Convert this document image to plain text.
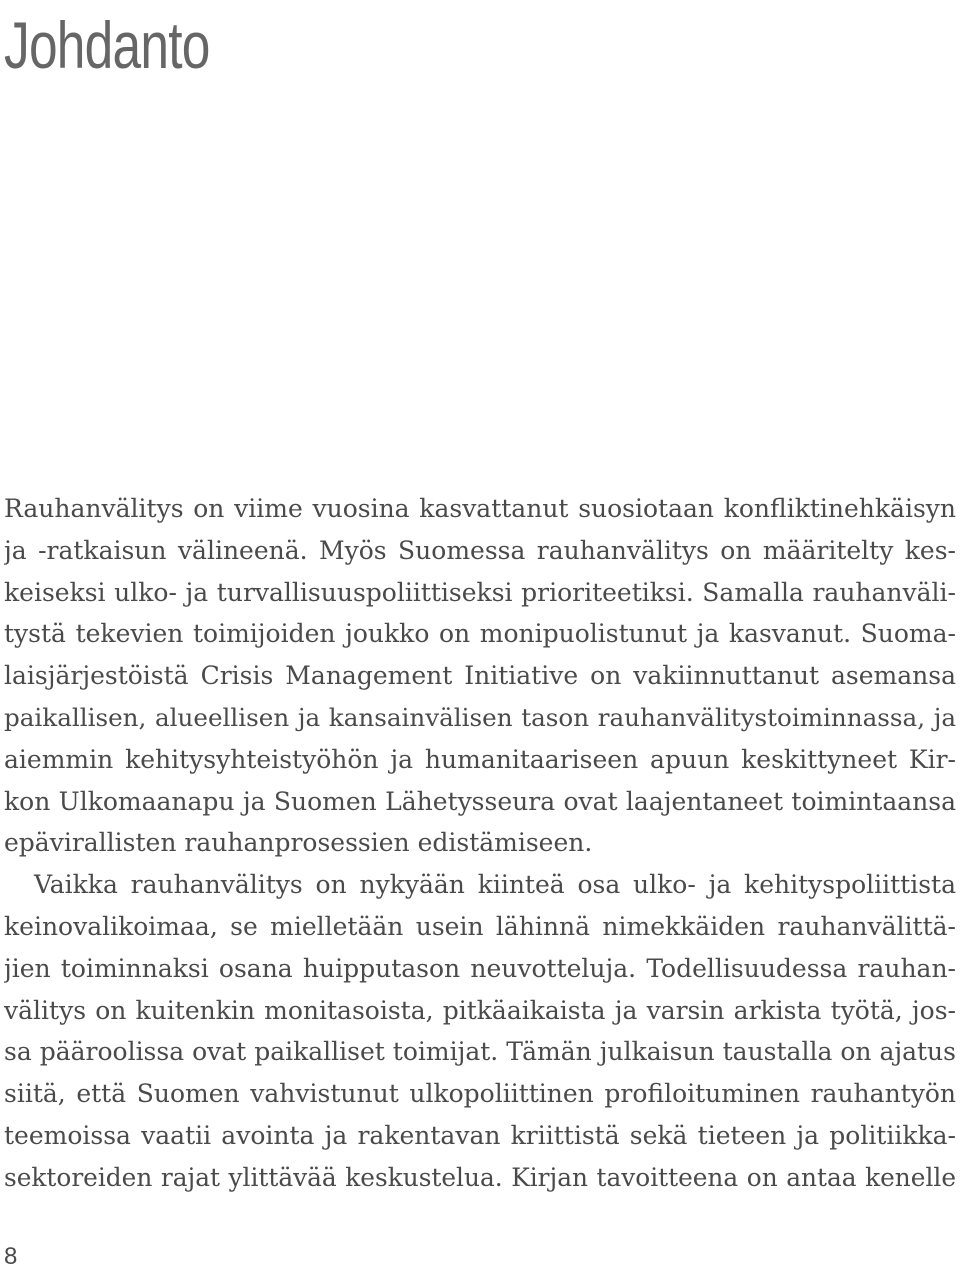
Johdanto
Rauhanvälitys on viime vuosina kasvattanut suosiotaan konfliktinehkäisyn
ja -ratkaisun välineenä. Myös Suomessa rauhanvälitys on määritelty kes-
keiseksi ulko- ja turvallisuuspoliittiseksi prioriteetiksi. Samalla rauhanväli-
tystä tekevien toimijoiden joukko on monipuolistunut ja kasvanut. Suoma-
laisjärjestöistä Crisis Management Initiative on vakiinnuttanut asemansa
paikallisen, alueellisen ja kansainvälisen tason rauhanvälitystoiminnassa, ja
aiemmin kehitysyhteistyöhön ja humanitaariseen apuun keskittyneet Kir-
kon Ulkomaanapu ja Suomen Lähetysseura ovat laajentaneet toimintaansa
epävirallisten rauhanprosessien edistämiseen.
Vaikka rauhanvälitys on nykyään kiinteä osa ulko- ja kehityspoliittista
keinovalikoimaa, se mielletään usein lähinnä nimekkäiden rauhanvälittä-
jien toiminnaksi osana huipputason neuvotteluja. Todellisuudessa rauhan-
välitys on kuitenkin monitasoista, pitkäaikaista ja varsin arkista työtä, jos-
sa pääroolissa ovat paikalliset toimijat. Tämän julkaisun taustalla on ajatus
siitä, että Suomen vahvistunut ulkopoliittinen profiloituminen rauhantyön
teemoissa vaatii avointa ja rakentavan kriittistä sekä tieteen ja politiikka-
sektoreiden rajat ylittävää keskustelua. Kirjan tavoitteena on antaa kenelle
8
